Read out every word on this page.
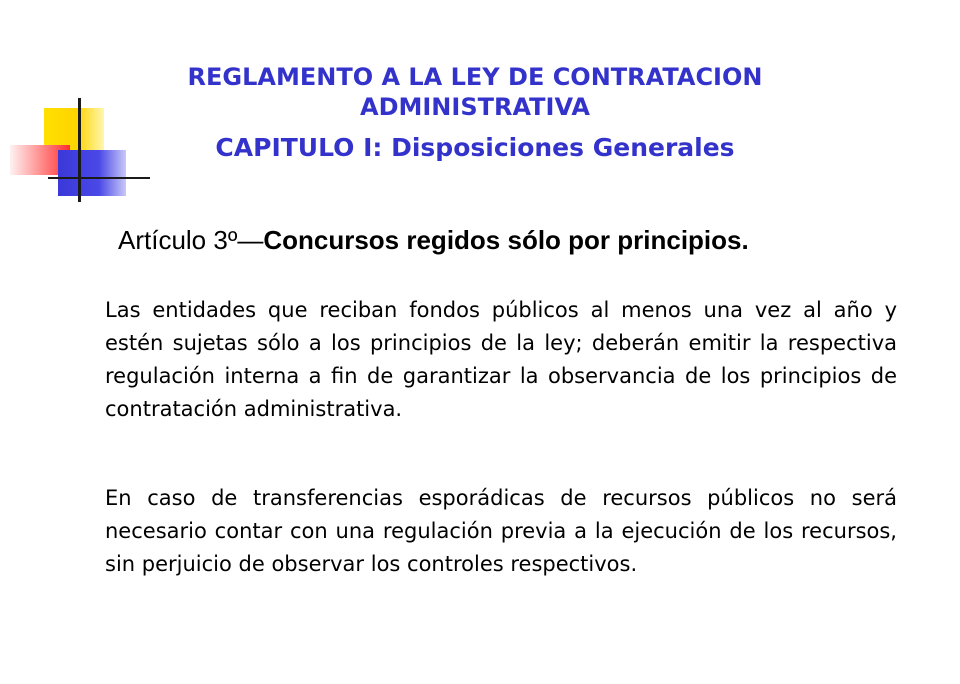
REGLAMENTO A LA LEY DE CONTRATACION ADMINISTRATIVA
CAPITULO I: Disposiciones Generales
Artículo 3º—Concursos regidos sólo por principios.

Las entidades que reciban fondos públicos al menos una vez al año y estén sujetas sólo a los principios de la ley; deberán emitir la respectiva regulación interna a fin de garantizar la observancia de los principios de contratación administrativa.

En caso de transferencias esporádicas de recursos públicos no será necesario contar con una regulación previa a la ejecución de los recursos, sin perjuicio de observar los controles respectivos.
